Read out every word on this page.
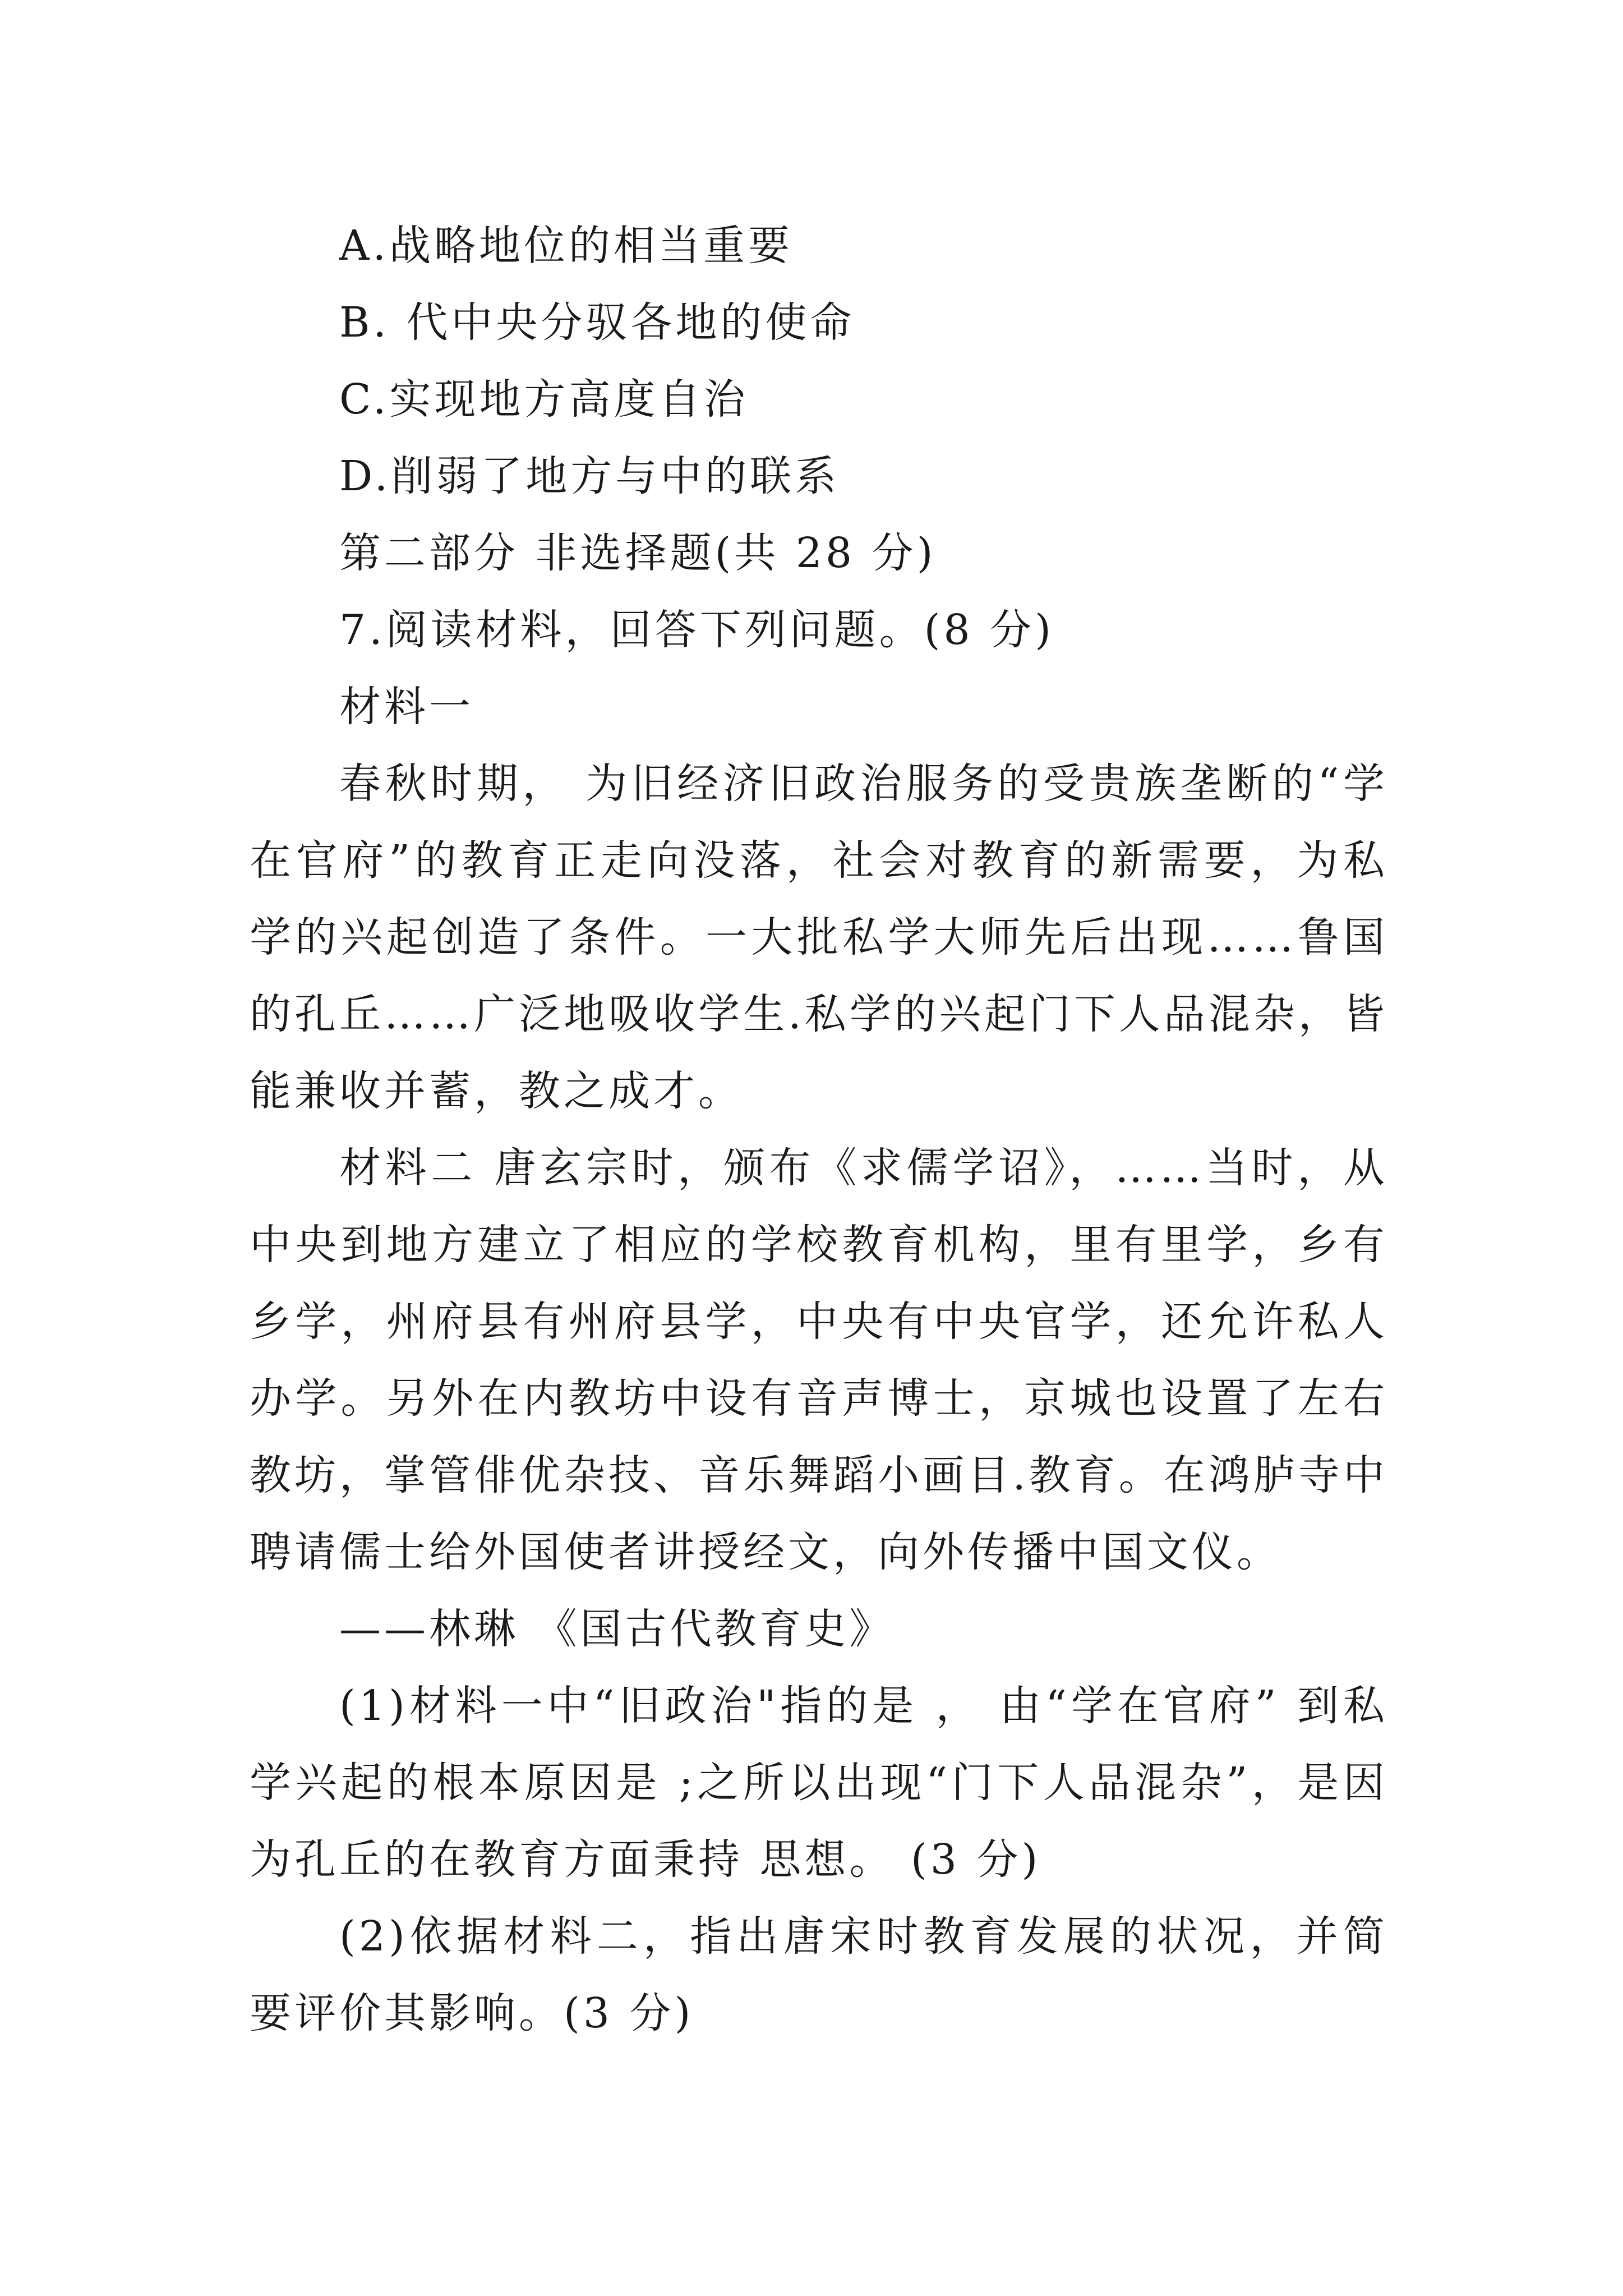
A.战略地位的相当重要
B. 代中央分驭各地的使命
C.实现地方高度自治
D.削弱了地方与中的联系
第二部分 非选择题(共 28 分)
7.阅读材料，回答下列问题。(8 分)
材料一

春秋时期， 为旧经济旧政治服务的受贵族垄断的“学在官府”的教育正走向没落，社会对教育的新需要，为私学的兴起创造了条件。一大批私学大师先后出现……鲁国的孔丘……广泛地吸收学生.私学的兴起门下人品混杂，皆能兼收并蓄，教之成才。

材料二 唐玄宗时，颁布《求儒学诏》，……当时，从中央到地方建立了相应的学校教育机构，里有里学，乡有乡学，州府县有州府县学，中央有中央官学，还允许私人办学。另外在内教坊中设有音声博士，京城也设置了左右教坊，掌管俳优杂技、音乐舞蹈小画目.教育。在鸿胪寺中聘请儒士给外国使者讲授经文，向外传播中国文仪。

——林琳 《国古代教育史》

(1)材料一中“旧政治"指的是 ， 由“学在官府” 到私学兴起的根本原因是 ;之所以出现“门下人品混杂”，是因为孔丘的在教育方面秉持 思想。 (3 分)

(2)依据材料二，指出唐宋时教育发展的状况，并简要评价其影响。(3 分)
